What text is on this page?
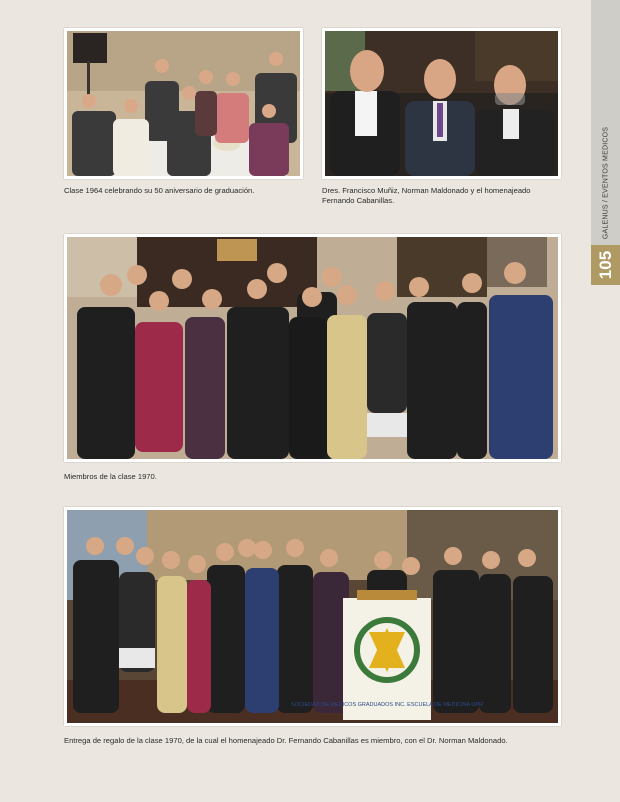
GALENUS / EVENTOS MEDICOS
105
Clase 1964 celebrando su 50 aniversario de graduación.	Dres. Francisco Muñiz, Norman Maldonado y el homenajeado Fernando Cabanillas.
Miembros de la clase 1970.
SOCIEDAD DE MEDICOS GRADUADOS INC. ESCUELA DE MEDICINA UPR
Entrega de regalo de la clase 1970, de la cual el homenajeado Dr. Fernando Cabanillas es miembro, con el Dr. Norman Maldonado.
